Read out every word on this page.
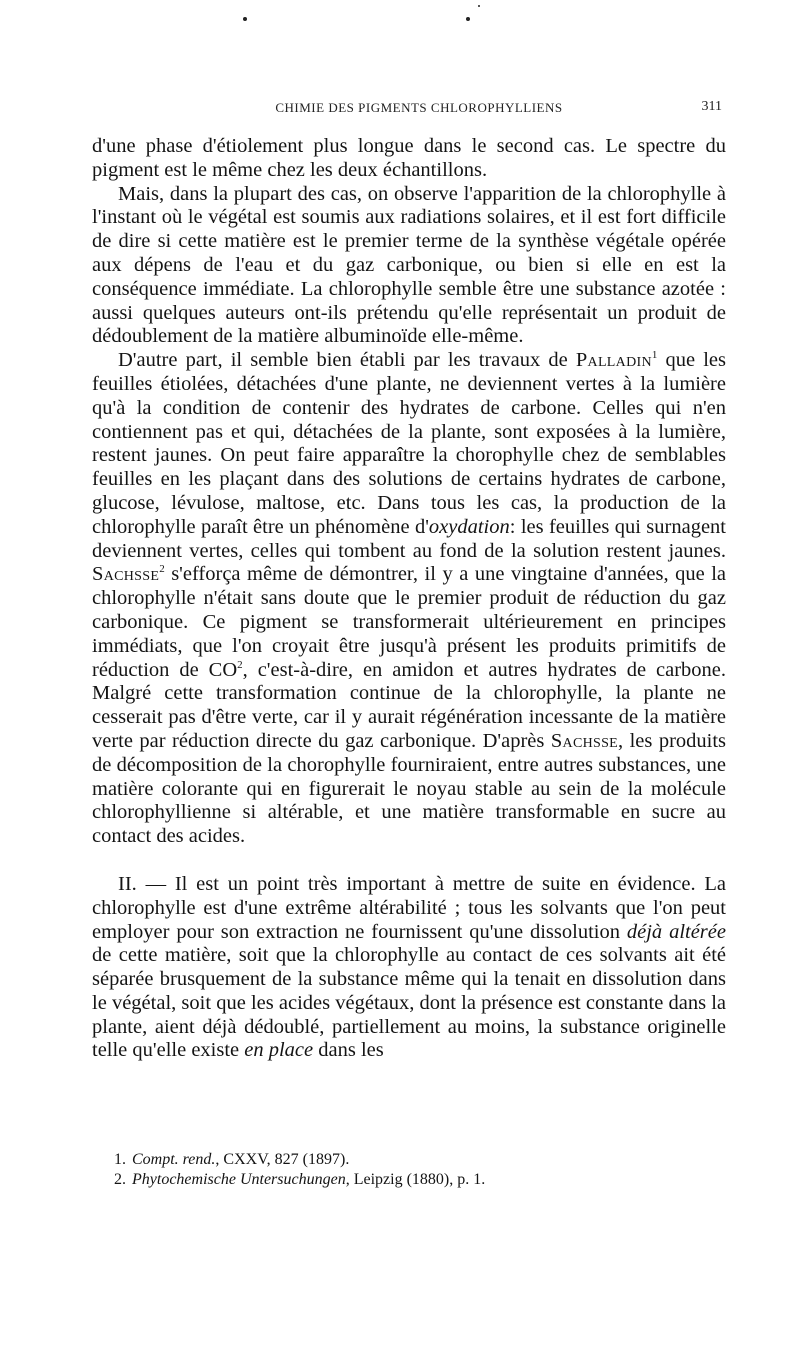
CHIMIE DES PIGMENTS CHLOROPHYLLIENS	311

d'une phase d'étiolement plus longue dans le second cas. Le spectre du pigment est le même chez les deux échantillons.

Mais, dans la plupart des cas, on observe l'apparition de la chlorophylle à l'instant où le végétal est soumis aux radiations solaires, et il est fort difficile de dire si cette matière est le premier terme de la synthèse végétale opérée aux dépens de l'eau et du gaz carbonique, ou bien si elle en est la conséquence immédiate. La chlorophylle semble être une substance azotée : aussi quelques auteurs ont-ils prétendu qu'elle représentait un produit de dédoublement de la matière albuminoïde elle-même.

D'autre part, il semble bien établi par les travaux de Palladin$^1$ que les feuilles étiolées, détachées d'une plante, ne deviennent vertes à la lumière qu'à la condition de contenir des hydrates de carbone. Celles qui n'en contiennent pas et qui, détachées de la plante, sont exposées à la lumière, restent jaunes. On peut faire apparaître la chorophylle chez de semblables feuilles en les plaçant dans des solutions de certains hydrates de carbone, glucose, lévulose, maltose, etc. Dans tous les cas, la production de la chlorophylle paraît être un phénomène d'oxydation: les feuilles qui surnagent deviennent vertes, celles qui tombent au fond de la solution restent jaunes. Sachsse$^2$ s'efforça même de démontrer, il y a une vingtaine d'années, que la chlorophylle n'était sans doute que le premier produit de réduction du gaz carbonique. Ce pigment se transformerait ultérieurement en principes immédiats, que l'on croyait être jusqu'à présent les produits primitifs de réduction de $CO^2$, c'est-à-dire, en amidon et autres hydrates de carbone. Malgré cette transformation continue de la chlorophylle, la plante ne cesserait pas d'être verte, car il y aurait régénération incessante de la matière verte par réduction directe du gaz carbonique. D'après Sachsse, les produits de décomposition de la chorophylle fourniraient, entre autres substances, une matière colorante qui en figurerait le noyau stable au sein de la molécule chlorophyllienne si altérable, et une matière transformable en sucre au contact des acides.

II. — Il est un point très important à mettre de suite en évidence. La chlorophylle est d'une extrême altérabilité ; tous les solvants que l'on peut employer pour son extraction ne fournissent qu'une dissolution déjà altérée de cette matière, soit que la chlorophylle au contact de ces solvants ait été séparée brusquement de la substance même qui la tenait en dissolution dans le végétal, soit que les acides végétaux, dont la présence est constante dans la plante, aient déjà dédoublé, partiellement au moins, la substance originelle telle qu'elle existe en place dans les

1. Compt. rend., CXXV, 827 (1897).
2. Phytochemische Untersuchungen, Leipzig (1880), p. 1.
